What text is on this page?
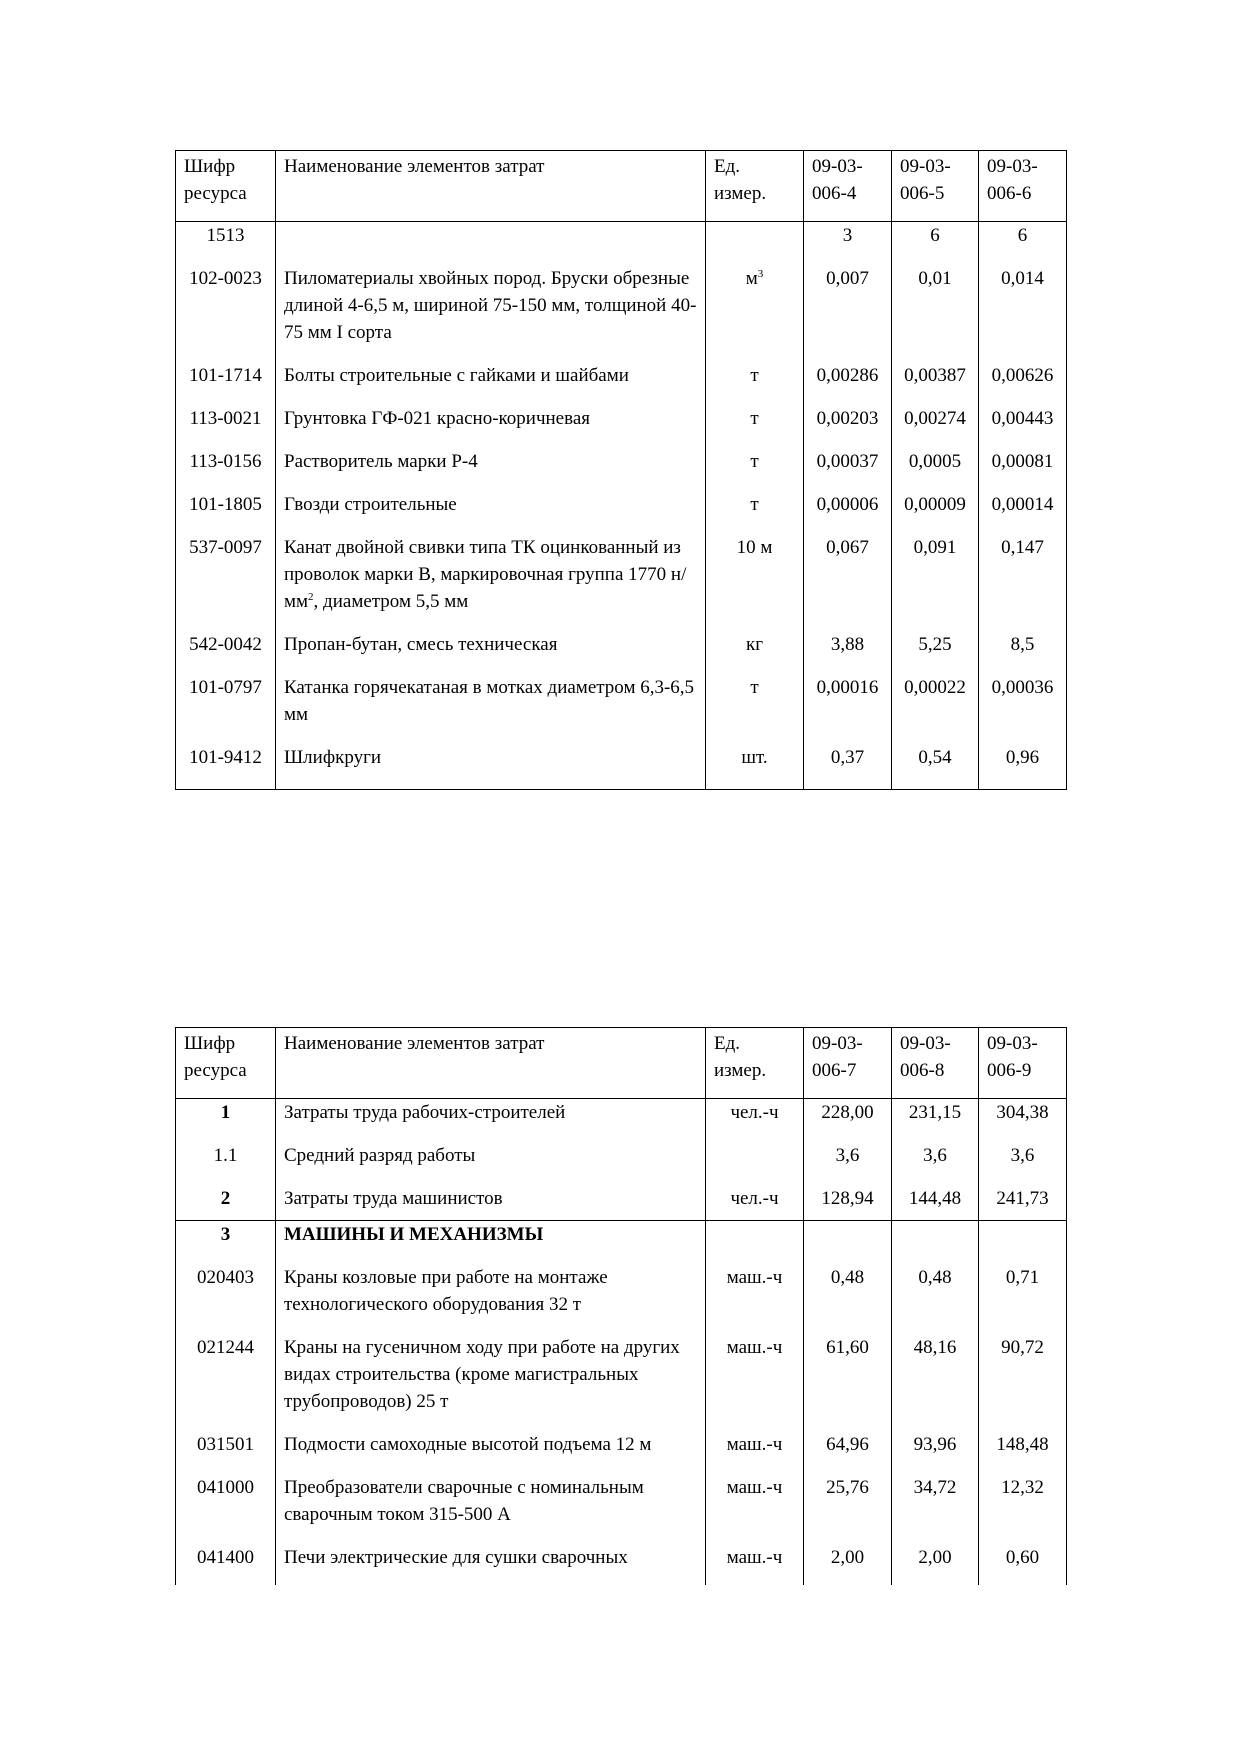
Шифр ресурса	Наименование элементов затрат	Ед. измер.	09-03-006-4	09-03-006-5	09-03-006-6
1513			3	6	6
102-0023	Пиломатериалы хвойных пород. Бруски обрезные длиной 4-6,5 м, шириной 75-150 мм, толщиной 40-75 мм I сорта	$м^3$	0,007	0,01	0,014
101-1714	Болты строительные с гайками и шайбами	т	0,00286	0,00387	0,00626
113-0021	Грунтовка ГФ-021 красно-коричневая	т	0,00203	0,00274	0,00443
113-0156	Растворитель марки Р-4	т	0,00037	0,0005	0,00081
101-1805	Гвозди строительные	т	0,00006	0,00009	0,00014
537-0097	Канат двойной свивки типа ТК оцинкованный из проволок марки В, маркировочная группа 1770 $н/мм^2$, диаметром 5,5 мм	10 м	0,067	0,091	0,147
542-0042	Пропан-бутан, смесь техническая	кг	3,88	5,25	8,5
101-0797	Катанка горячекатаная в мотках диаметром 6,3-6,5 мм	т	0,00016	0,00022	0,00036
101-9412	Шлифкруги	шт.	0,37	0,54	0,96
Шифр ресурса	Наименование элементов затрат	Ед. измер.	09-03-006-7	09-03-006-8	09-03-006-9
1	Затраты труда рабочих-строителей	чел.-ч	228,00	231,15	304,38
1.1	Средний разряд работы		3,6	3,6	3,6
2	Затраты труда машинистов	чел.-ч	128,94	144,48	241,73
3	МАШИНЫ И МЕХАНИЗМЫ				
020403	Краны козловые при работе на монтаже технологического оборудования 32 т	маш.-ч	0,48	0,48	0,71
021244	Краны на гусеничном ходу при работе на других видах строительства (кроме магистральных трубопроводов) 25 т	маш.-ч	61,60	48,16	90,72
031501	Подмости самоходные высотой подъема 12 м	маш.-ч	64,96	93,96	148,48
041000	Преобразователи сварочные с номинальным сварочным током 315-500 А	маш.-ч	25,76	34,72	12,32
041400	Печи электрические для сушки сварочных	маш.-ч	2,00	2,00	0,60
